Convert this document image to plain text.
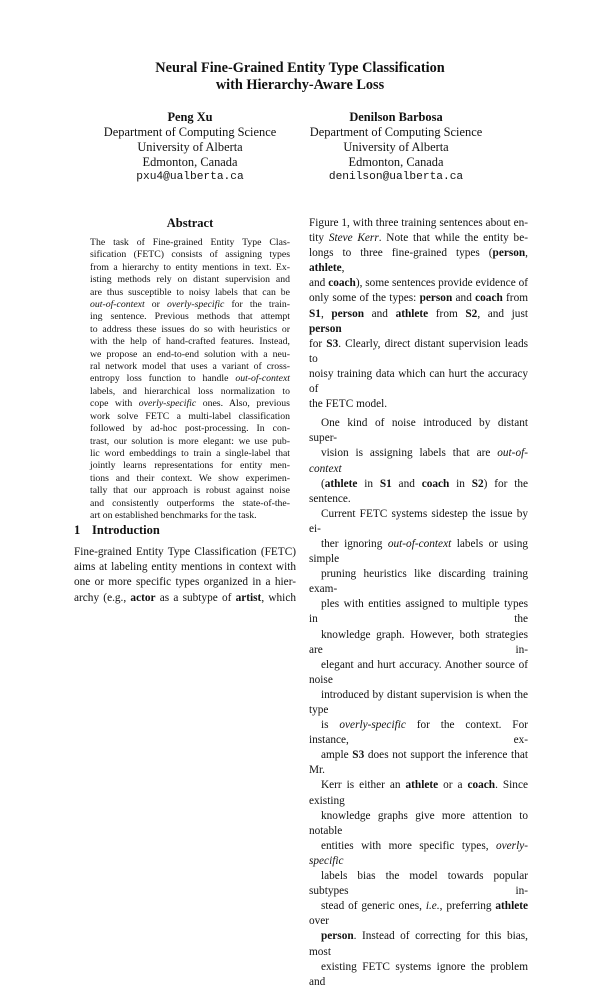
Neural Fine-Grained Entity Type Classification
with Hierarchy-Aware Loss
Peng Xu
Department of Computing Science
University of Alberta
Edmonton, Canada
pxu4@ualberta.ca
Denilson Barbosa
Department of Computing Science
University of Alberta
Edmonton, Canada
denilson@ualberta.ca
Abstract
The task of Fine-grained Entity Type Clas-
sification (FETC) consists of assigning types
from a hierarchy to entity mentions in text. Ex-
isting methods rely on distant supervision and
are thus susceptible to noisy labels that can be
out-of-context or overly-specific for the train-
ing sentence. Previous methods that attempt
to address these issues do so with heuristics or
with the help of hand-crafted features. Instead,
we propose an end-to-end solution with a neu-
ral network model that uses a variant of cross-
entropy loss function to handle out-of-context
labels, and hierarchical loss normalization to
cope with overly-specific ones. Also, previous
work solve FETC a multi-label classification
followed by ad-hoc post-processing. In con-
trast, our solution is more elegant: we use pub-
lic word embeddings to train a single-label that
jointly learns representations for entity men-
tions and their context. We show experimen-
tally that our approach is robust against noise
and consistently outperforms the state-of-the-
art on established benchmarks for the task.
1 Introduction
Fine-grained Entity Type Classification (FETC)
aims at labeling entity mentions in context with
one or more specific types organized in a hier-
archy (e.g., actor as a subtype of artist, which

Figure 1, with three training sentences about en-
tity Steve Kerr. Note that while the entity be-
longs to three fine-grained types (person, athlete,
and coach), some sentences provide evidence of
only some of the types: person and coach from
S1, person and athlete from S2, and just person
for S3. Clearly, direct distant supervision leads to
noisy training data which can hurt the accuracy of
the FETC model.

One kind of noise introduced by distant super-
vision is assigning labels that are out-of-context
(athlete in S1 and coach in S2) for the sentence.
Current FETC systems sidestep the issue by ei-
ther ignoring out-of-context labels or using simple
pruning heuristics like discarding training exam-
ples with entities assigned to multiple types in the
knowledge graph. However, both strategies are in-
elegant and hurt accuracy. Another source of noise
introduced by distant supervision is when the type
is overly-specific for the context. For instance, ex-
ample S3 does not support the inference that Mr.
Kerr is either an athlete or a coach. Since existing
knowledge graphs give more attention to notable
entities with more specific types, overly-specific
labels bias the model towards popular subtypes in-
stead of generic ones, i.e., preferring athlete over
person. Instead of correcting for this bias, most
existing FETC systems ignore the problem and
